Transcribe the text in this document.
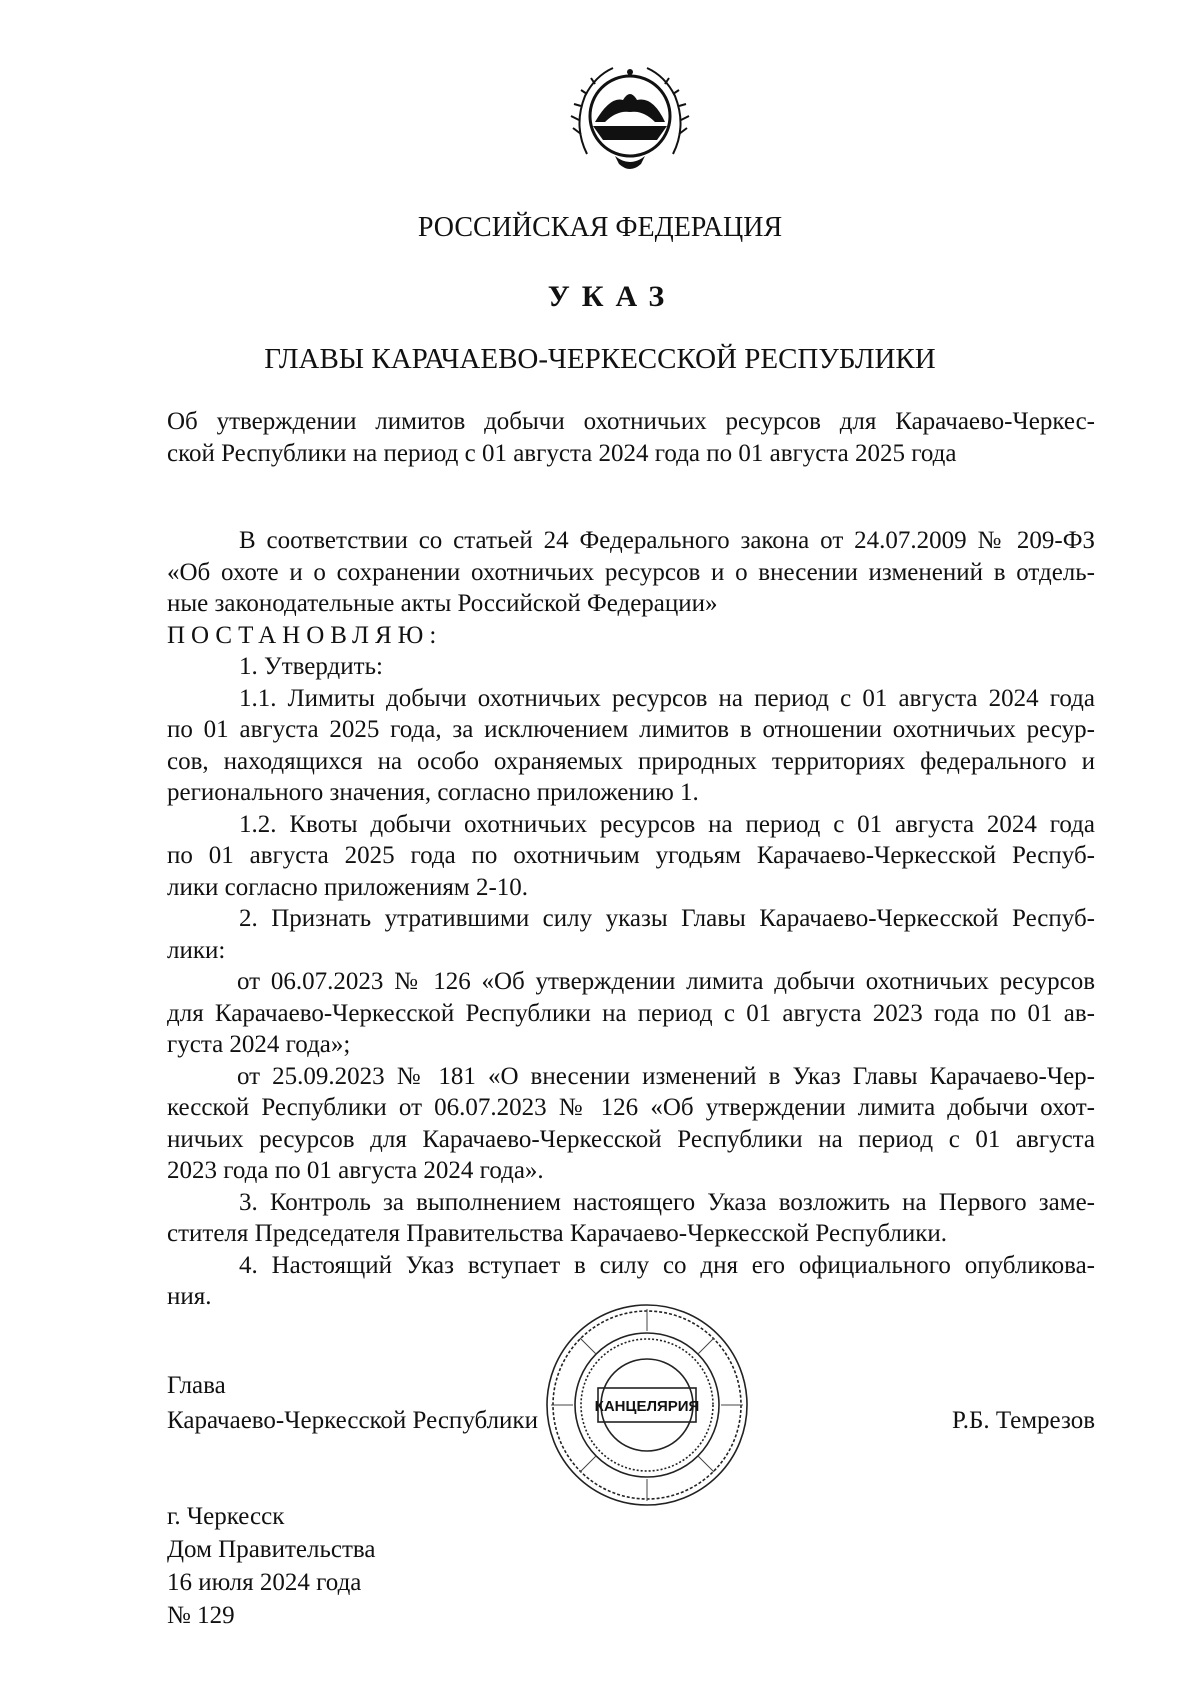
РОССИЙСКАЯ ФЕДЕРАЦИЯ
УКАЗ
ГЛАВЫ КАРАЧАЕВО-ЧЕРКЕССКОЙ РЕСПУБЛИКИ
Об утверждении лимитов добычи охотничьих ресурсов для Карачаево-Черкес-
ской Республики на период с 01 августа 2024 года по 01 августа 2025 года
В соответствии со статьей 24 Федерального закона от 24.07.2009 № 209-ФЗ
«Об охоте и о сохранении охотничьих ресурсов и о внесении изменений в отдель-
ные законодательные акты Российской Федерации»
ПОСТАНОВЛЯЮ:
1. Утвердить:
1.1. Лимиты добычи охотничьих ресурсов на период с 01 августа 2024 года
по 01 августа 2025 года, за исключением лимитов в отношении охотничьих ресур-
сов, находящихся на особо охраняемых природных территориях федерального и
регионального значения, согласно приложению 1.
1.2. Квоты добычи охотничьих ресурсов на период с 01 августа 2024 года
по 01 августа 2025 года по охотничьим угодьям Карачаево-Черкесской Респуб-
лики согласно приложениям 2-10.
2. Признать утратившими силу указы Главы Карачаево-Черкесской Респуб-
лики:
от 06.07.2023 № 126 «Об утверждении лимита добычи охотничьих ресурсов
для Карачаево-Черкесской Республики на период с 01 августа 2023 года по 01 ав-
густа 2024 года»;
от 25.09.2023 № 181 «О внесении изменений в Указ Главы Карачаево-Чер-
кесской Республики от 06.07.2023 № 126 «Об утверждении лимита добычи охот-
ничьих ресурсов для Карачаево-Черкесской Республики на период с 01 августа
2023 года по 01 августа 2024 года».
3. Контроль за выполнением настоящего Указа возложить на Первого заме-
стителя Председателя Правительства Карачаево-Черкесской Республики.
4. Настоящий Указ вступает в силу со дня его официального опубликова-
ния.
Глава
Карачаево-Черкесской Республики	Р.Б. Темрезов
КАНЦЕЛЯРИЯ
г. Черкесск
Дом Правительства
16 июля 2024 года
№ 129
